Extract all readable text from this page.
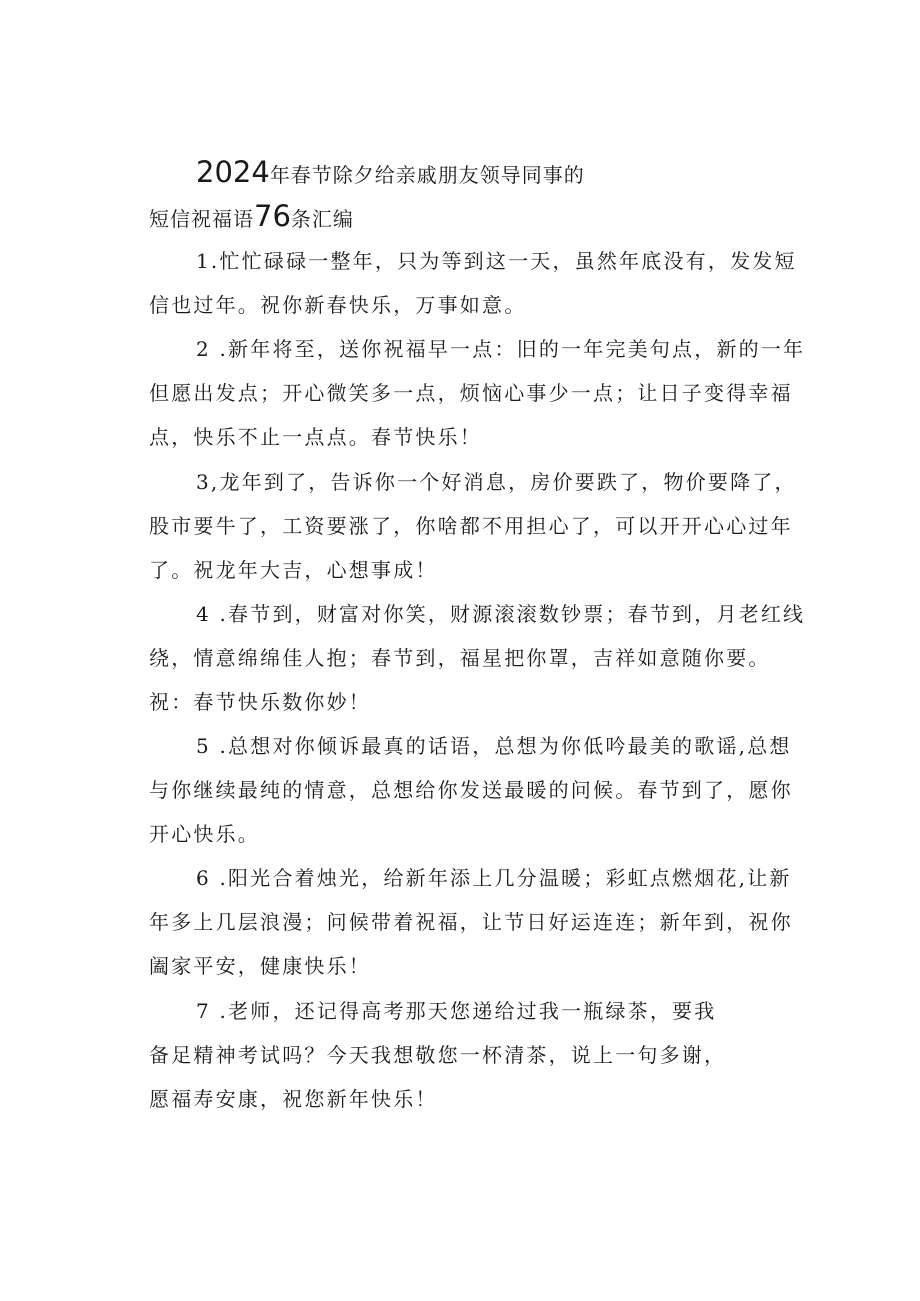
2024年春节除夕给亲戚朋友领导同事的
短信祝福语76条汇编

1.忙忙碌碌一整年，只为等到这一天，虽然年底没有，发发短信也过年。祝你新春快乐，万事如意。

2 .新年将至，送你祝福早一点：旧的一年完美句点，新的一年但愿出发点；开心微笑多一点，烦恼心事少一点；让日子变得幸福点，快乐不止一点点。春节快乐！

3,龙年到了，告诉你一个好消息，房价要跌了，物价要降了，股市要牛了，工资要涨了，你啥都不用担心了，可以开开心心过年了。祝龙年大吉，心想事成！

4 .春节到，财富对你笑，财源滚滚数钞票；春节到，月老红线绕，情意绵绵佳人抱；春节到，福星把你罩，吉祥如意随你要。祝：春节快乐数你妙！

5 .总想对你倾诉最真的话语，总想为你低吟最美的歌谣,总想与你继续最纯的情意，总想给你发送最暖的问候。春节到了，愿你开心快乐。

6 .阳光合着烛光，给新年添上几分温暖；彩虹点燃烟花,让新年多上几层浪漫；问候带着祝福，让节日好运连连；新年到，祝你阖家平安，健康快乐！

7 .老师，还记得高考那天您递给过我一瓶绿茶，要我备足精神考试吗？今天我想敬您一杯清茶，说上一句多谢，愿福寿安康，祝您新年快乐！
